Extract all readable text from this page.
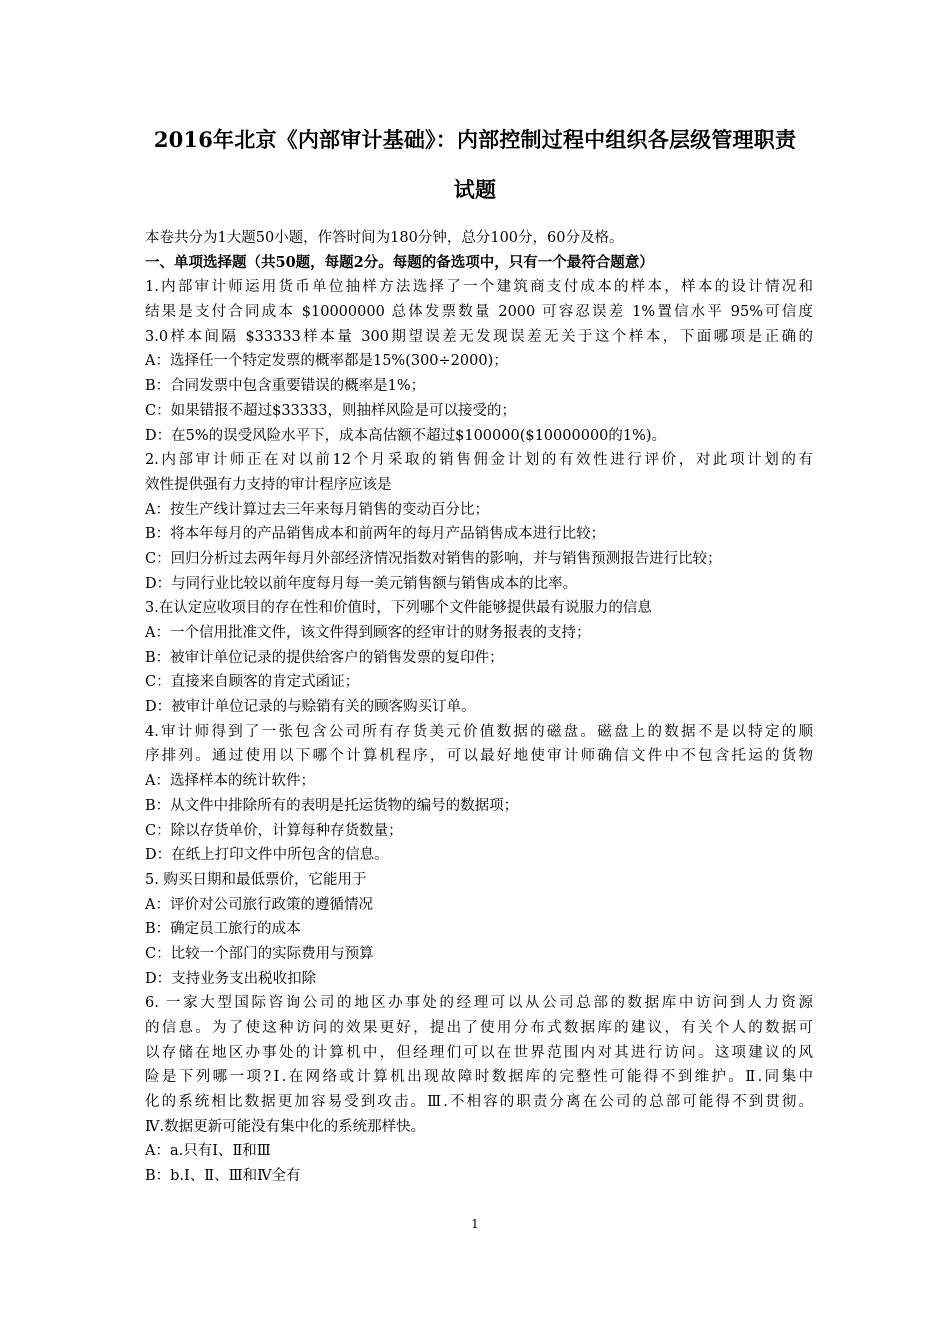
2016年北京《内部审计基础》：内部控制过程中组织各层级管理职责
试题
本卷共分为1大题50小题，作答时间为180分钟，总分100分，60分及格。
一、单项选择题（共50题，每题2分。每题的备选项中，只有一个最符合题意）
1.内部审计师运用货币单位抽样方法选择了一个建筑商支付成本的样本，样本的设计情况和
结果是支付合同成本 $10000000 总体发票数量 2000 可容忍误差 1%置信水平 95%可信度
3.0样本间隔 $33333样本量 300期望误差无发现误差无关于这个样本，下面哪项是正确的
A：选择任一个特定发票的概率都是15%(300÷2000)；
B：合同发票中包含重要错误的概率是1%；
C：如果错报不超过$33333，则抽样风险是可以接受的；
D：在5%的误受风险水平下，成本高估额不超过$100000($10000000的1%)。
2.内部审计师正在对以前12个月采取的销售佣金计划的有效性进行评价，对此项计划的有
效性提供强有力支持的审计程序应该是
A：按生产线计算过去三年来每月销售的变动百分比；
B：将本年每月的产品销售成本和前两年的每月产品销售成本进行比较；
C：回归分析过去两年每月外部经济情况指数对销售的影响，并与销售预测报告进行比较；
D：与同行业比较以前年度每月每一美元销售额与销售成本的比率。
3.在认定应收项目的存在性和价值时，下列哪个文件能够提供最有说服力的信息
A：一个信用批准文件，该文件得到顾客的经审计的财务报表的支持；
B：被审计单位记录的提供给客户的销售发票的复印件；
C：直接来自顾客的肯定式函证；
D：被审计单位记录的与赊销有关的顾客购买订单。
4.审计师得到了一张包含公司所有存货美元价值数据的磁盘。磁盘上的数据不是以特定的顺
序排列。通过使用以下哪个计算机程序，可以最好地使审计师确信文件中不包含托运的货物
A：选择样本的统计软件；
B：从文件中排除所有的表明是托运货物的编号的数据项；
C：除以存货单价，计算每种存货数量；
D：在纸上打印文件中所包含的信息。
5. 购买日期和最低票价，它能用于
A：评价对公司旅行政策的遵循情况
B：确定员工旅行的成本
C：比较一个部门的实际费用与预算
D：支持业务支出税收扣除
6. 一家大型国际咨询公司的地区办事处的经理可以从公司总部的数据库中访问到人力资源
的信息。为了使这种访问的效果更好，提出了使用分布式数据库的建议，有关个人的数据可
以存储在地区办事处的计算机中，但经理们可以在世界范围内对其进行访问。这项建议的风
险是下列哪一项?Ⅰ.在网络或计算机出现故障时数据库的完整性可能得不到维护。Ⅱ.同集中
化的系统相比数据更加容易受到攻击。Ⅲ.不相容的职责分离在公司的总部可能得不到贯彻。
Ⅳ.数据更新可能没有集中化的系统那样快。
A：a.只有Ⅰ、Ⅱ和Ⅲ
B：b.Ⅰ、Ⅱ、Ⅲ和Ⅳ全有
1
